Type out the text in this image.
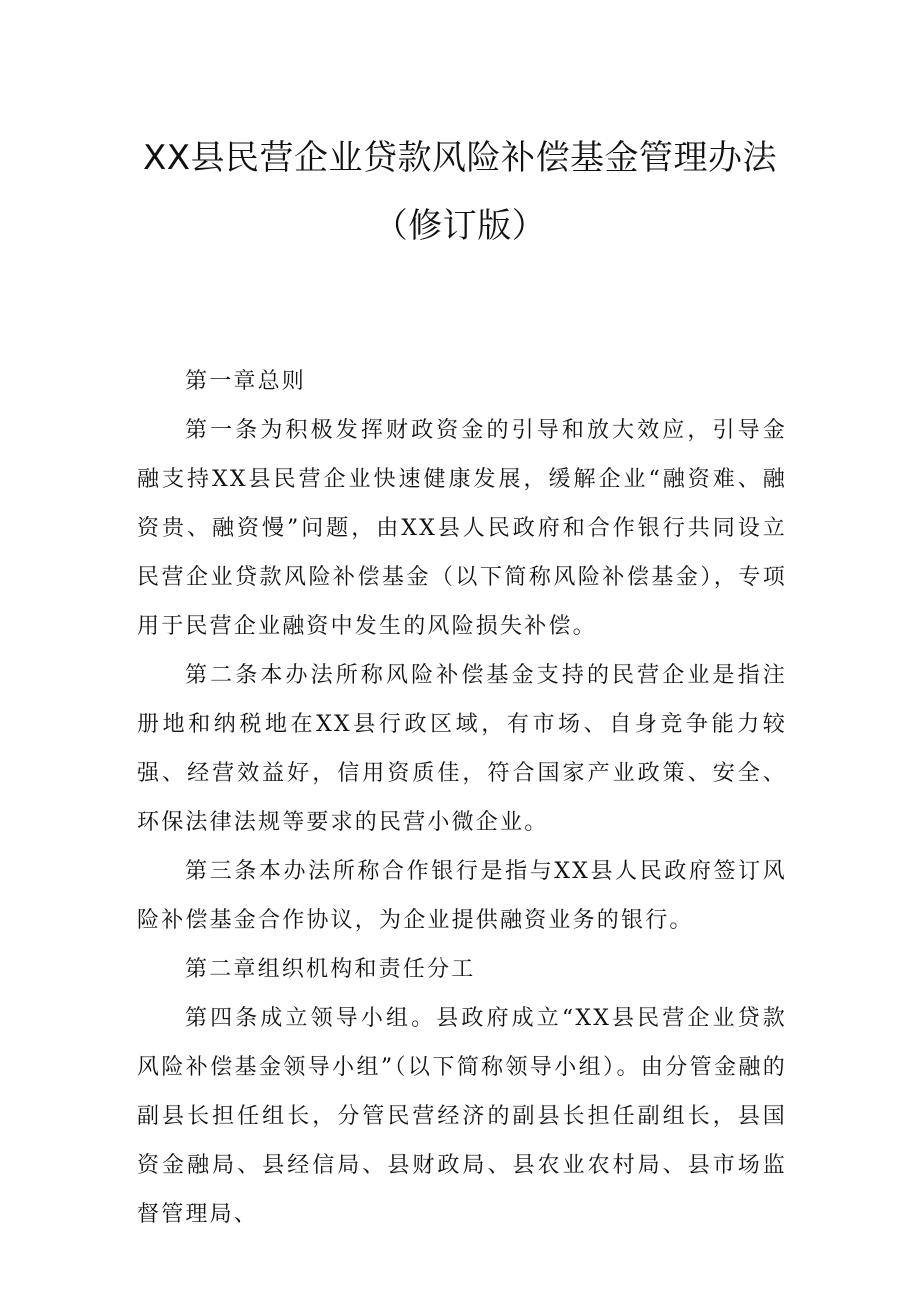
XX县民营企业贷款风险补偿基金管理办法
（修订版）

第一章总则

第一条为积极发挥财政资金的引导和放大效应，引导金融支持XX县民营企业快速健康发展，缓解企业“融资难、融资贵、融资慢”问题，由XX县人民政府和合作银行共同设立民营企业贷款风险补偿基金（以下简称风险补偿基金），专项用于民营企业融资中发生的风险损失补偿。

第二条本办法所称风险补偿基金支持的民营企业是指注册地和纳税地在XX县行政区域，有市场、自身竞争能力较强、经营效益好，信用资质佳，符合国家产业政策、安全、环保法律法规等要求的民营小微企业。

第三条本办法所称合作银行是指与XX县人民政府签订风险补偿基金合作协议，为企业提供融资业务的银行。

第二章组织机构和责任分工

第四条成立领导小组。县政府成立“XX县民营企业贷款风险补偿基金领导小组”（以下简称领导小组）。由分管金融的副县长担任组长，分管民营经济的副县长担任副组长，县国资金融局、县经信局、县财政局、县农业农村局、县市场监督管理局、
